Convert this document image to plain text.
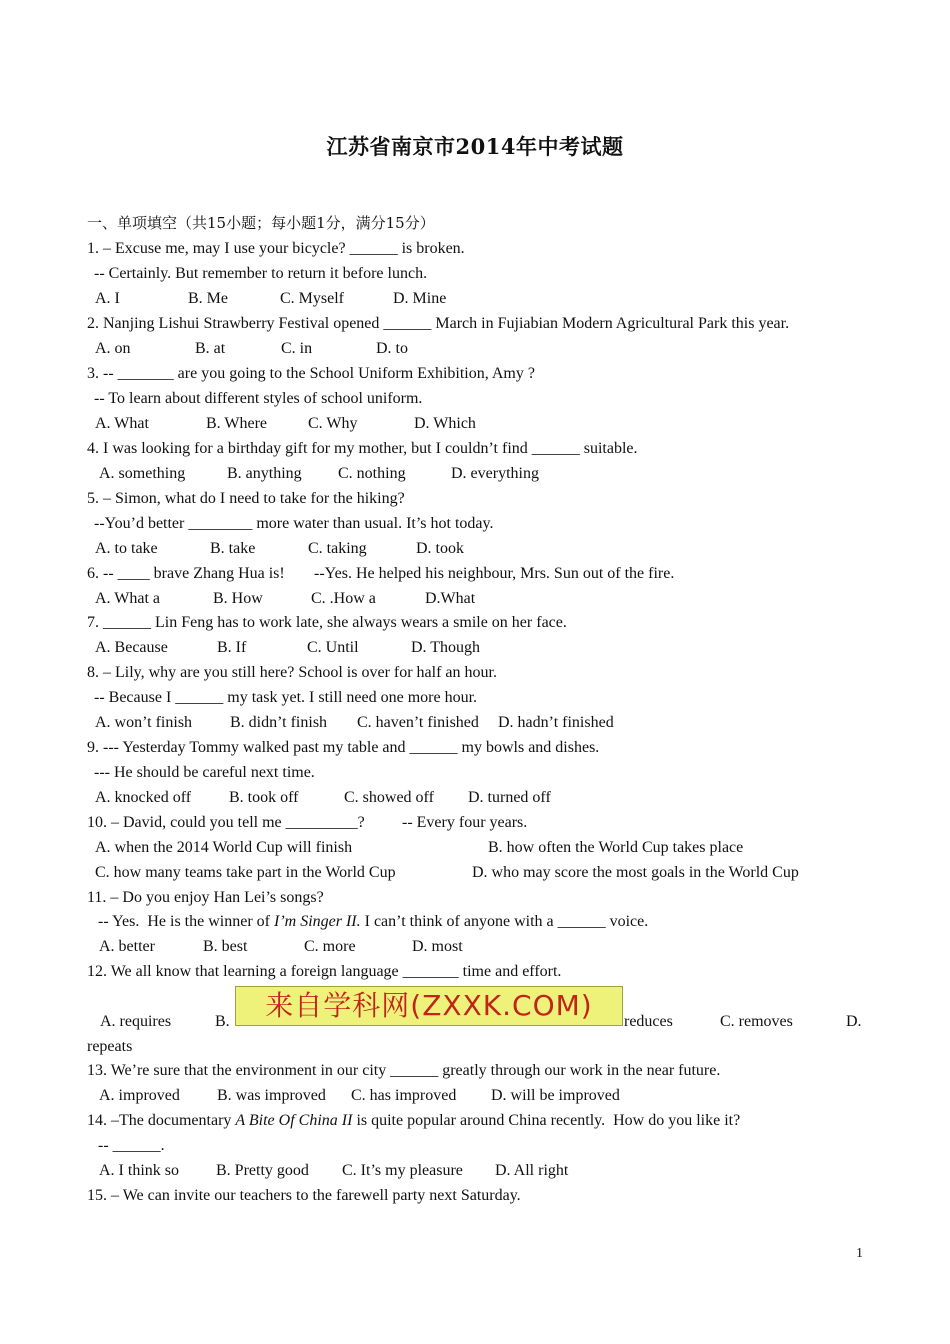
江苏省南京市2014年中考试题
一、单项填空（共15小题；每小题1分，满分15分）
1. – Excuse me, may I use your bicycle? ______ is broken.
-- Certainly. But remember to return it before lunch.
A. I	B. Me	C. Myself	D. Mine
2. Nanjing Lishui Strawberry Festival opened ______ March in Fujiabian Modern Agricultural Park this year.
A. on	B. at	C. in	D. to
3. -- _______ are you going to the School Uniform Exhibition, Amy ?
-- To learn about different styles of school uniform.
A. What	B. Where	C. Why	D. Which
4. I was looking for a birthday gift for my mother, but I couldn’t find ______ suitable.
A. something	B. anything C. nothing	D. everything
5. – Simon, what do I need to take for the hiking?
--You’d better ________ more water than usual. It’s hot today.
A. to take	B. take	C. taking	D. took
6. -- ____ brave Zhang Hua is! --Yes. He helped his neighbour, Mrs. Sun out of the fire.
A. What a	B. How	C. .How a	D.What
7. ______ Lin Feng has to work late, she always wears a smile on her face.
A. Because	B. If	C. Until	D. Though
8. – Lily, why are you still here? School is over for half an hour.
-- Because I ______ my task yet. I still need one more hour.
A. won’t finish B. didn’t finish C. haven’t finished D. hadn’t finished
9. --- Yesterday Tommy walked past my table and ______ my bowls and dishes.
--- He should be careful next time.
A. knocked off B. took off	C. showed off D. turned off
10. – David, could you tell me _________? -- Every four years.
A. when the 2014 World Cup will finish	B. how often the World Cup takes place
C. how many teams take part in the World Cup	D. who may score the most goals in the World Cup
11. – Do you enjoy Han Lei’s songs?
-- Yes.  He is the winner of I’m Singer II. I can’t think of anyone with a ______ voice.
A. better	B. best	C. more	D. most
12. We all know that learning a foreign language _______ time and effort.
A. requires	B.	reduces	C. removes	D.
repeats
来自学科网(ZXXK.COM)
13. We’re sure that the environment in our city ______ greatly through our work in the near future.
A. improved B. was improved C. has improved D. will be improved
14. –The documentary A Bite Of China II is quite popular around China recently.  How do you like it?
-- ______.
A. I think so B. Pretty good C. It’s my pleasure D. All right
15. – We can invite our teachers to the farewell party next Saturday.
1
